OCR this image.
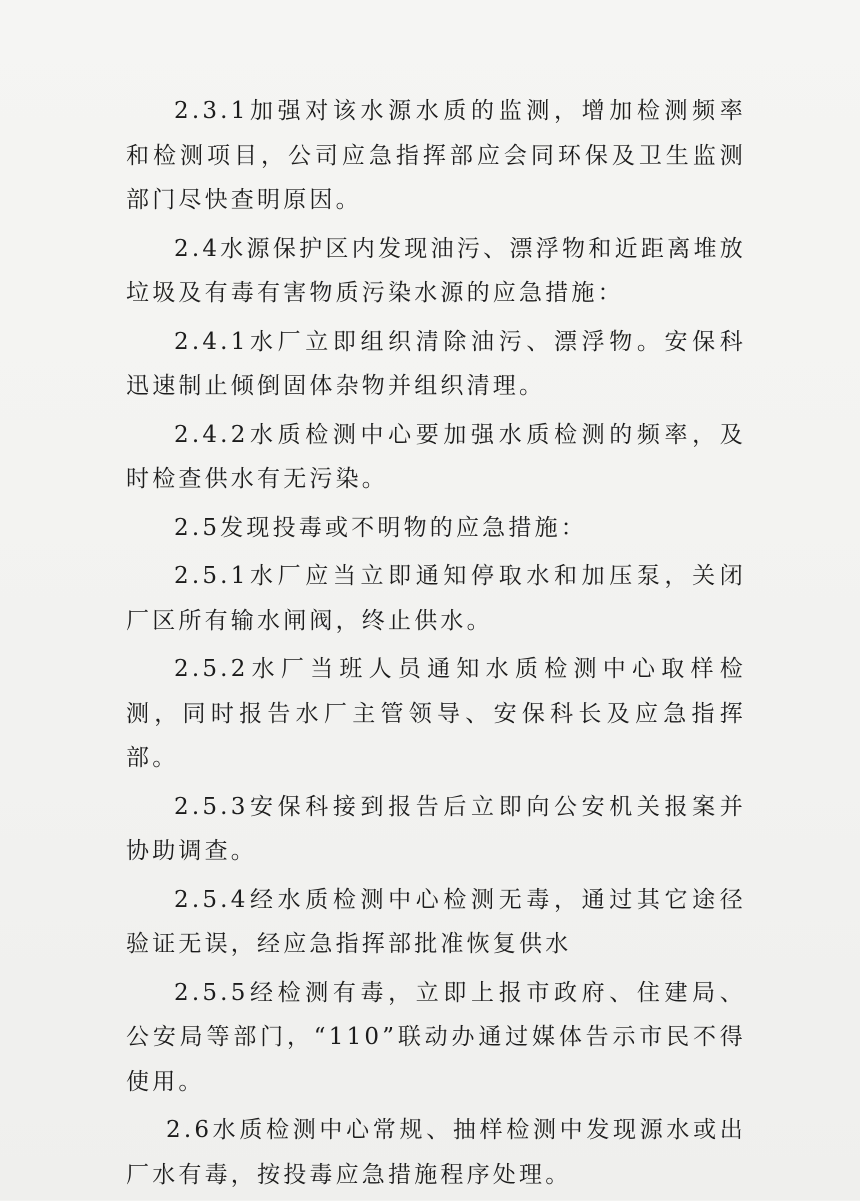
2.3.1加强对该水源水质的监测，增加检测频率和检测项目，公司应急指挥部应会同环保及卫生监测部门尽快查明原因。

2.4水源保护区内发现油污、漂浮物和近距离堆放垃圾及有毒有害物质污染水源的应急措施：

2.4.1水厂立即组织清除油污、漂浮物。安保科迅速制止倾倒固体杂物并组织清理。

2.4.2水质检测中心要加强水质检测的频率，及时检查供水有无污染。

2.5发现投毒或不明物的应急措施：

2.5.1水厂应当立即通知停取水和加压泵，关闭厂区所有输水闸阀，终止供水。

2.5.2水厂当班人员通知水质检测中心取样检测，同时报告水厂主管领导、安保科长及应急指挥部。

2.5.3安保科接到报告后立即向公安机关报案并协助调查。

2.5.4经水质检测中心检测无毒，通过其它途径验证无误，经应急指挥部批准恢复供水

2.5.5经检测有毒，立即上报市政府、住建局、公安局等部门，“110”联动办通过媒体告示市民不得使用。

2.6水质检测中心常规、抽样检测中发现源水或出厂水有毒，按投毒应急措施程序处理。
